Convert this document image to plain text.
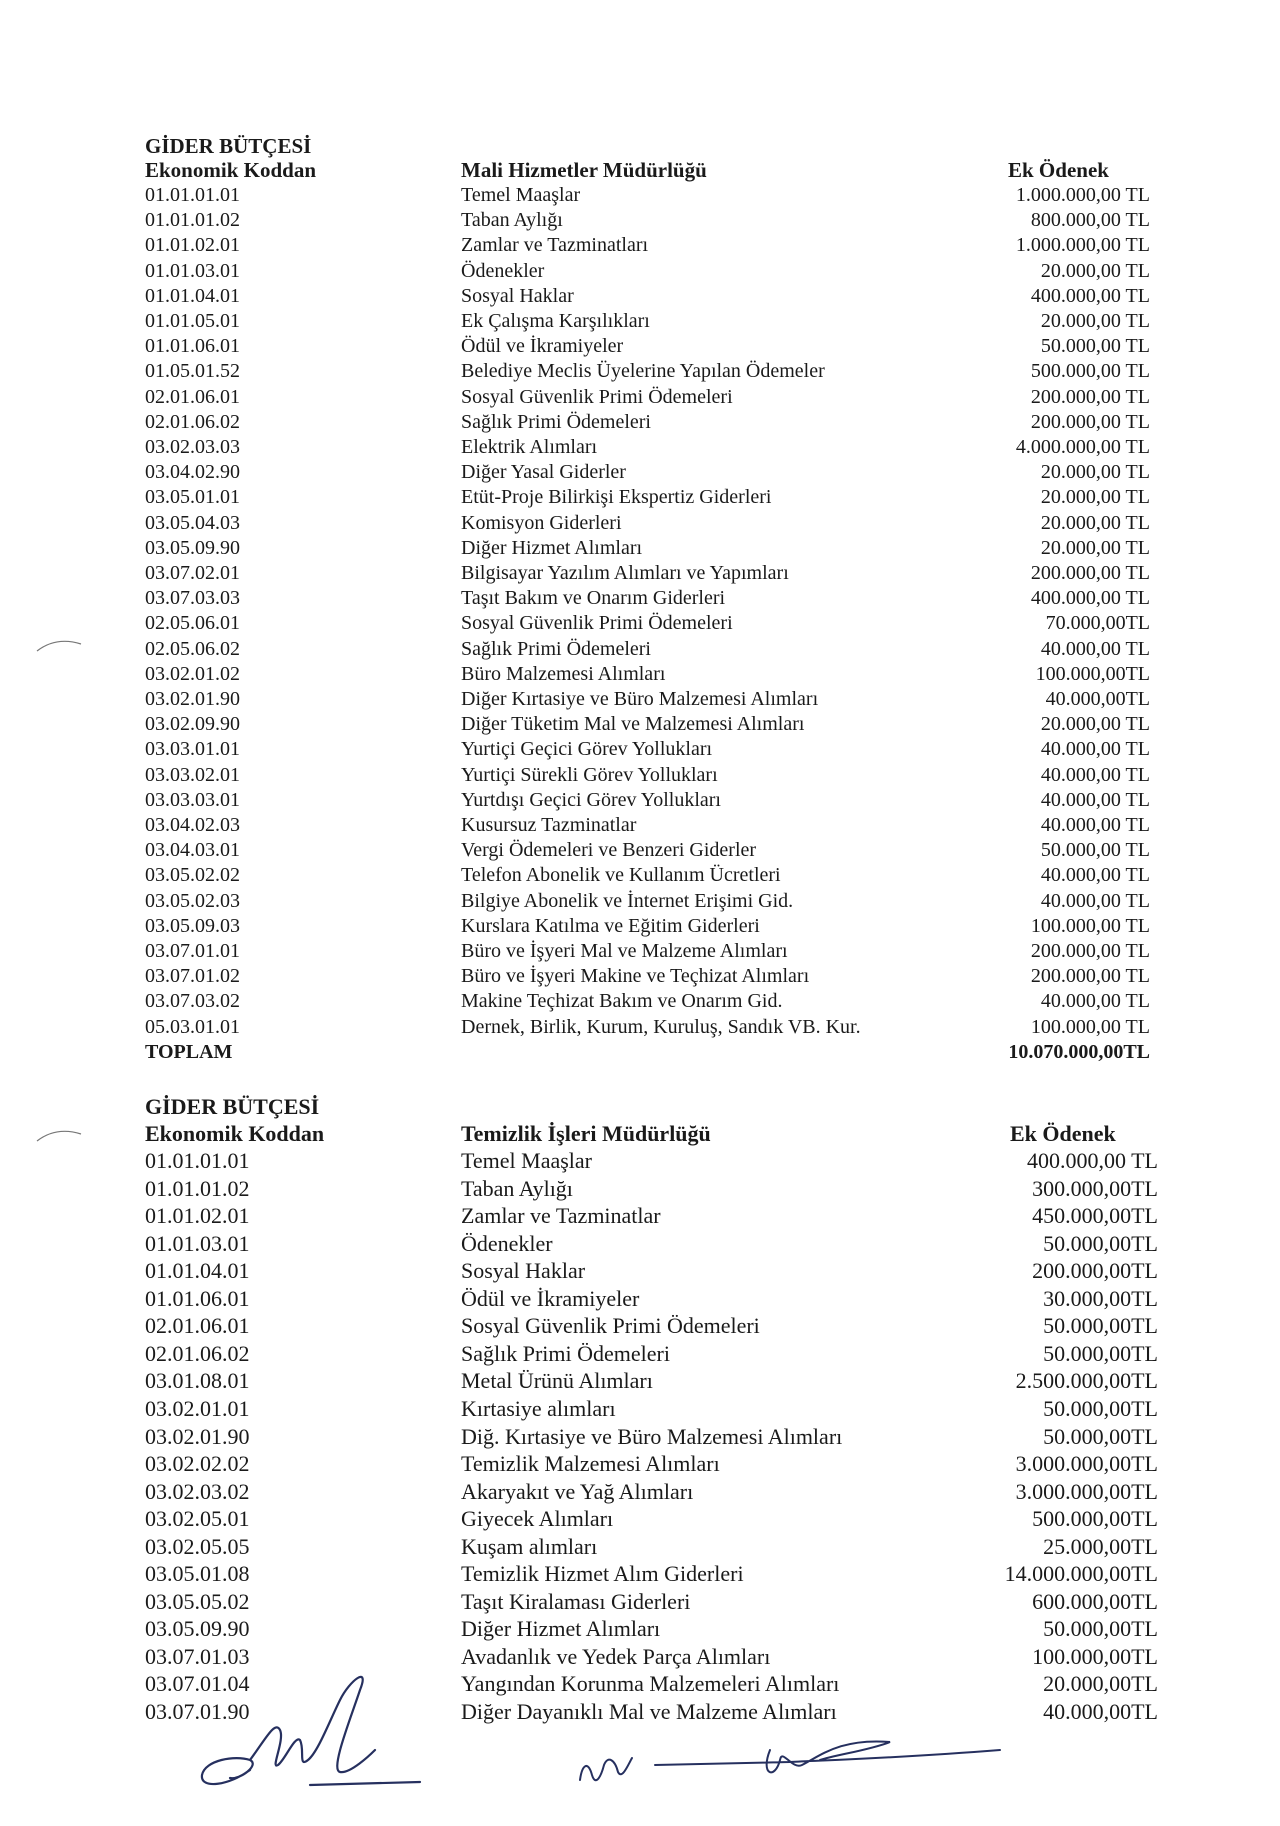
GİDER BÜTÇESİ
Ekonomik Koddan	Mali Hizmetler Müdürlüğü	Ek Ödenek
01.01.01.01	Temel Maaşlar	1.000.000,00 TL
01.01.01.02	Taban Aylığı	800.000,00 TL
01.01.02.01	Zamlar ve Tazminatları	1.000.000,00 TL
01.01.03.01	Ödenekler	20.000,00 TL
01.01.04.01	Sosyal Haklar	400.000,00 TL
01.01.05.01	Ek Çalışma Karşılıkları	20.000,00 TL
01.01.06.01	Ödül ve İkramiyeler	50.000,00 TL
01.05.01.52	Belediye Meclis Üyelerine Yapılan Ödemeler	500.000,00 TL
02.01.06.01	Sosyal Güvenlik Primi Ödemeleri	200.000,00 TL
02.01.06.02	Sağlık Primi Ödemeleri	200.000,00 TL
03.02.03.03	Elektrik Alımları	4.000.000,00 TL
03.04.02.90	Diğer Yasal Giderler	20.000,00 TL
03.05.01.01	Etüt-Proje Bilirkişi Ekspertiz Giderleri	20.000,00 TL
03.05.04.03	Komisyon Giderleri	20.000,00 TL
03.05.09.90	Diğer Hizmet Alımları	20.000,00 TL
03.07.02.01	Bilgisayar Yazılım Alımları ve Yapımları	200.000,00 TL
03.07.03.03	Taşıt Bakım ve Onarım Giderleri	400.000,00 TL
02.05.06.01	Sosyal Güvenlik Primi Ödemeleri	70.000,00TL
02.05.06.02	Sağlık Primi Ödemeleri	40.000,00 TL
03.02.01.02	Büro Malzemesi Alımları	100.000,00TL
03.02.01.90	Diğer Kırtasiye ve Büro Malzemesi Alımları	40.000,00TL
03.02.09.90	Diğer Tüketim Mal ve Malzemesi Alımları	20.000,00 TL
03.03.01.01	Yurtiçi Geçici Görev Yollukları	40.000,00 TL
03.03.02.01	Yurtiçi Sürekli Görev Yollukları	40.000,00 TL
03.03.03.01	Yurtdışı Geçici Görev Yollukları	40.000,00 TL
03.04.02.03	Kusursuz Tazminatlar	40.000,00 TL
03.04.03.01	Vergi Ödemeleri ve Benzeri Giderler	50.000,00 TL
03.05.02.02	Telefon Abonelik ve Kullanım Ücretleri	40.000,00 TL
03.05.02.03	Bilgiye Abonelik ve İnternet Erişimi Gid.	40.000,00 TL
03.05.09.03	Kurslara Katılma ve Eğitim Giderleri	100.000,00 TL
03.07.01.01	Büro ve İşyeri Mal ve Malzeme Alımları	200.000,00 TL
03.07.01.02	Büro ve İşyeri Makine ve Teçhizat Alımları	200.000,00 TL
03.07.03.02	Makine Teçhizat Bakım ve Onarım Gid.	40.000,00 TL
05.03.01.01	Dernek, Birlik, Kurum, Kuruluş, Sandık VB. Kur.	100.000,00 TL
TOPLAM	10.070.000,00TL
GİDER BÜTÇESİ
Ekonomik Koddan	Temizlik İşleri Müdürlüğü	Ek Ödenek
01.01.01.01	Temel Maaşlar	400.000,00 TL
01.01.01.02	Taban Aylığı	300.000,00TL
01.01.02.01	Zamlar ve Tazminatlar	450.000,00TL
01.01.03.01	Ödenekler	50.000,00TL
01.01.04.01	Sosyal Haklar	200.000,00TL
01.01.06.01	Ödül ve İkramiyeler	30.000,00TL
02.01.06.01	Sosyal Güvenlik Primi Ödemeleri	50.000,00TL
02.01.06.02	Sağlık Primi Ödemeleri	50.000,00TL
03.01.08.01	Metal Ürünü Alımları	2.500.000,00TL
03.02.01.01	Kırtasiye alımları	50.000,00TL
03.02.01.90	Diğ. Kırtasiye ve Büro Malzemesi Alımları	50.000,00TL
03.02.02.02	Temizlik Malzemesi Alımları	3.000.000,00TL
03.02.03.02	Akaryakıt ve Yağ Alımları	3.000.000,00TL
03.02.05.01	Giyecek Alımları	500.000,00TL
03.02.05.05	Kuşam alımları	25.000,00TL
03.05.01.08	Temizlik Hizmet Alım Giderleri	14.000.000,00TL
03.05.05.02	Taşıt Kiralaması Giderleri	600.000,00TL
03.05.09.90	Diğer Hizmet Alımları	50.000,00TL
03.07.01.03	Avadanlık ve Yedek Parça Alımları	100.000,00TL
03.07.01.04	Yangından Korunma Malzemeleri Alımları	20.000,00TL
03.07.01.90	Diğer Dayanıklı Mal ve Malzeme Alımları	40.000,00TL
